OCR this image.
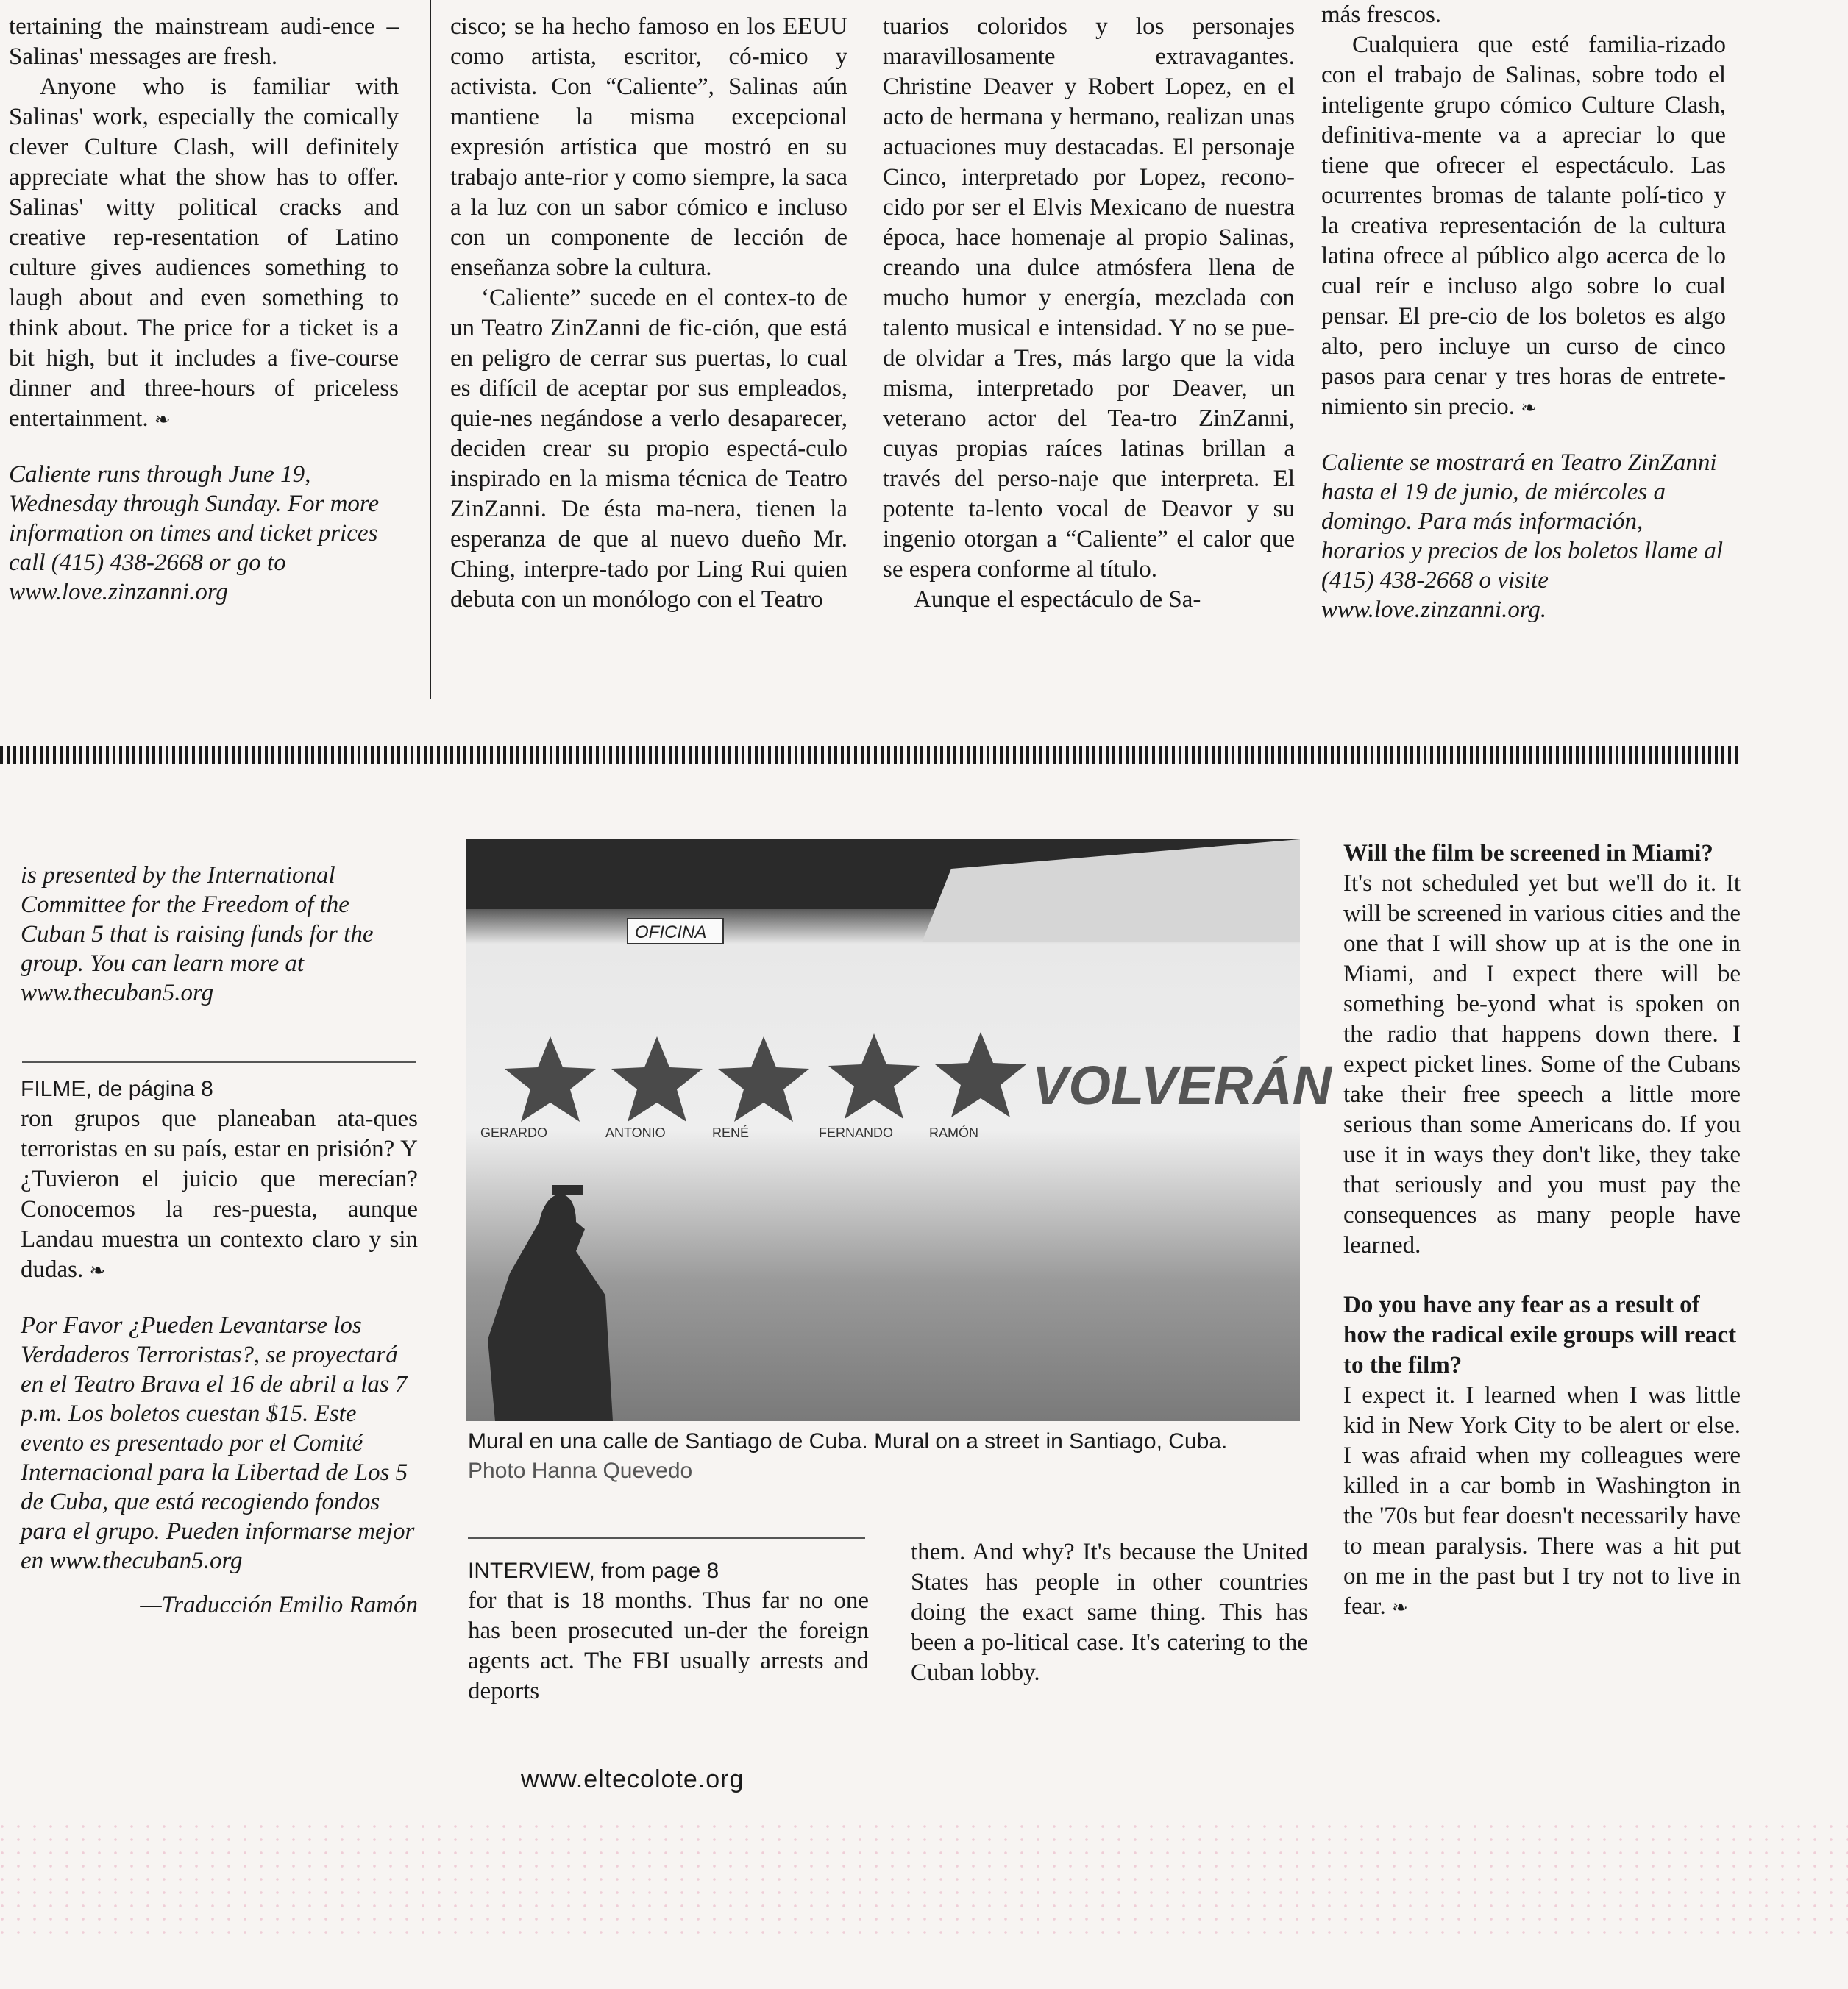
tertaining the mainstream audi-ence – Salinas' messages are fresh.

Anyone who is familiar with Salinas' work, especially the comically clever Culture Clash, will definitely appreciate what the show has to offer. Salinas' witty political cracks and creative rep-resentation of Latino culture gives audiences something to laugh about and even something to think about. The price for a ticket is a bit high, but it includes a five-course dinner and three-hours of priceless entertainment. ❧

Caliente runs through June 19, Wednesday through Sunday. For more information on times and ticket prices call (415) 438-2668 or go to www.love.zinzanni.org

cisco; se ha hecho famoso en los EEUU como artista, escritor, có-mico y activista. Con “Caliente”, Salinas aún mantiene la misma excepcional expresión artística que mostró en su trabajo ante-rior y como siempre, la saca a la luz con un sabor cómico e incluso con un componente de lección de enseñanza sobre la cultura.

‘Caliente” sucede en el contex-to de un Teatro ZinZanni de fic-ción, que está en peligro de cerrar sus puertas, lo cual es difícil de aceptar por sus empleados, quie-nes negándose a verlo desaparecer, deciden crear su propio espectá-culo inspirado en la misma técnica de Teatro ZinZanni. De ésta ma-nera, tienen la esperanza de que al nuevo dueño Mr. Ching, interpre-tado por Ling Rui quien debuta con un monólogo con el Teatro

tuarios coloridos y los personajes maravillosamente extravagantes. Christine Deaver y Robert Lopez, en el acto de hermana y hermano, realizan unas actuaciones muy destacadas. El personaje Cinco, interpretado por Lopez, recono-cido por ser el Elvis Mexicano de nuestra época, hace homenaje al propio Salinas, creando una dulce atmósfera llena de mucho humor y energía, mezclada con talento musical e intensidad. Y no se pue-de olvidar a Tres, más largo que la vida misma, interpretado por Deaver, un veterano actor del Tea-tro ZinZanni, cuyas propias raíces latinas brillan a través del perso-naje que interpreta. El potente ta-lento vocal de Deavor y su ingenio otorgan a “Caliente” el calor que se espera conforme al título.

Aunque el espectáculo de Sa-

más frescos.

Cualquiera que esté familia-rizado con el trabajo de Salinas, sobre todo el inteligente grupo cómico Culture Clash, definitiva-mente va a apreciar lo que tiene que ofrecer el espectáculo. Las ocurrentes bromas de talante polí-tico y la creativa representación de la cultura latina ofrece al público algo acerca de lo cual reír e incluso algo sobre lo cual pensar. El pre-cio de los boletos es algo alto, pero incluye un curso de cinco pasos para cenar y tres horas de entrete-nimiento sin precio. ❧

Caliente se mostrará en Teatro ZinZanni hasta el 19 de junio, de miércoles a domingo. Para más información, horarios y precios de los boletos llame al (415) 438-2668 o visite www.love.zinzanni.org.

is presented by the International Committee for the Freedom of the Cuban 5 that is raising funds for the group. You can learn more at www.thecuban5.org

FILME, de página 8

ron grupos que planeaban ata-ques terroristas en su país, estar en prisión? Y ¿Tuvieron el juicio que merecían? Conocemos la res-puesta, aunque Landau muestra un contexto claro y sin dudas. ❧

Por Favor ¿Pueden Levantarse los Verdaderos Terroristas?, se proyectará en el Teatro Brava el 16 de abril a las 7 p.m. Los boletos cuestan $15. Este evento es presentado por el Comité Internacional para la Libertad de Los 5 de Cuba, que está recogiendo fondos para el grupo. Pueden informarse mejor en www.thecuban5.org

—Traducción Emilio Ramón

OFICINA
VOLVERÁN
GERARDO	ANTONIO	RENÉ	FERNANDO	RAMÓN
Mural en una calle de Santiago de Cuba. Mural on a street in Santiago, Cuba.
Photo Hanna Quevedo

INTERVIEW, from page 8

for that is 18 months. Thus far no one has been prosecuted un-der the foreign agents act. The FBI usually arrests and deports

them. And why? It's because the United States has people in other countries doing the exact same thing. This has been a po-litical case. It's catering to the Cuban lobby.

Will the film be screened in Miami?

It's not scheduled yet but we'll do it. It will be screened in various cities and the one that I will show up at is the one in Miami, and I expect there will be something be-yond what is spoken on the radio that happens down there. I expect picket lines. Some of the Cubans take their free speech a little more serious than some Americans do. If you use it in ways they don't like, they take that seriously and you must pay the consequences as many people have learned.

Do you have any fear as a result of how the radical exile groups will react to the film?

I expect it. I learned when I was little kid in New York City to be alert or else. I was afraid when my colleagues were killed in a car bomb in Washington in the '70s but fear doesn't necessarily have to mean paralysis. There was a hit put on me in the past but I try not to live in fear. ❧

www.eltecolote.org
